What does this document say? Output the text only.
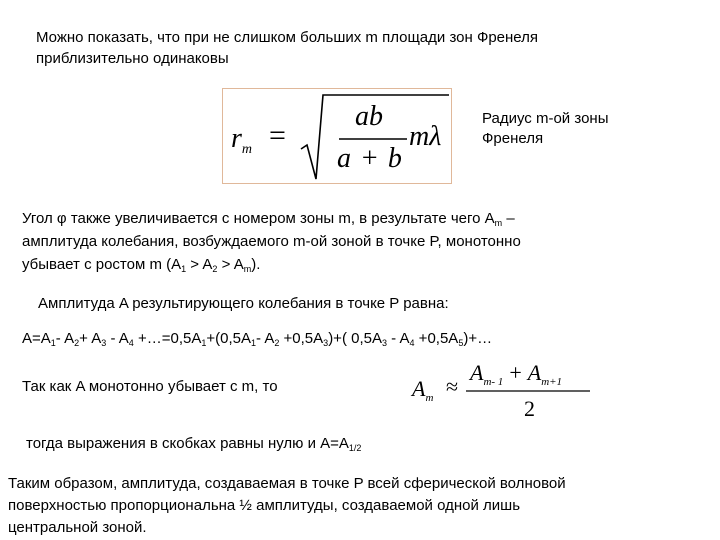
Можно показать, что при не слишком больших m площади зон Френеля
приблизительно одинаковы
$r_m$ =
ab
a + b
mλ
Радиус m-ой зоны
Френеля
Угол φ также увеличивается с номером зоны m, в результате чего $A_m$ –
амплитуда колебания, возбуждаемого m-ой зоной в точке P, монотонно
убывает с ростом m $(A_1 > A_2 > A_m)$.
Амплитуда A результирующего колебания в точке P равна:
$A=A_1-$ $A_2+ A_3 - A_4$ $+\dots=0,5A_1+(0,5A_1-$ $A_2 +0,5A_3)+$( $0,5A_3 - A_4$ $+0,5A_5)+\dots$
Так как A монотонно убывает с m, то	$A_m$ ≈
$A_{m- 1} + A_{m+1}$
2
тогда выражения в скобках равны нулю и $A=A_{1/2}$
Таким образом, амплитуда, создаваемая в точке P всей сферической волновой
поверхностью пропорциональна ½ амплитуды, создаваемой одной лишь
центральной зоной.
